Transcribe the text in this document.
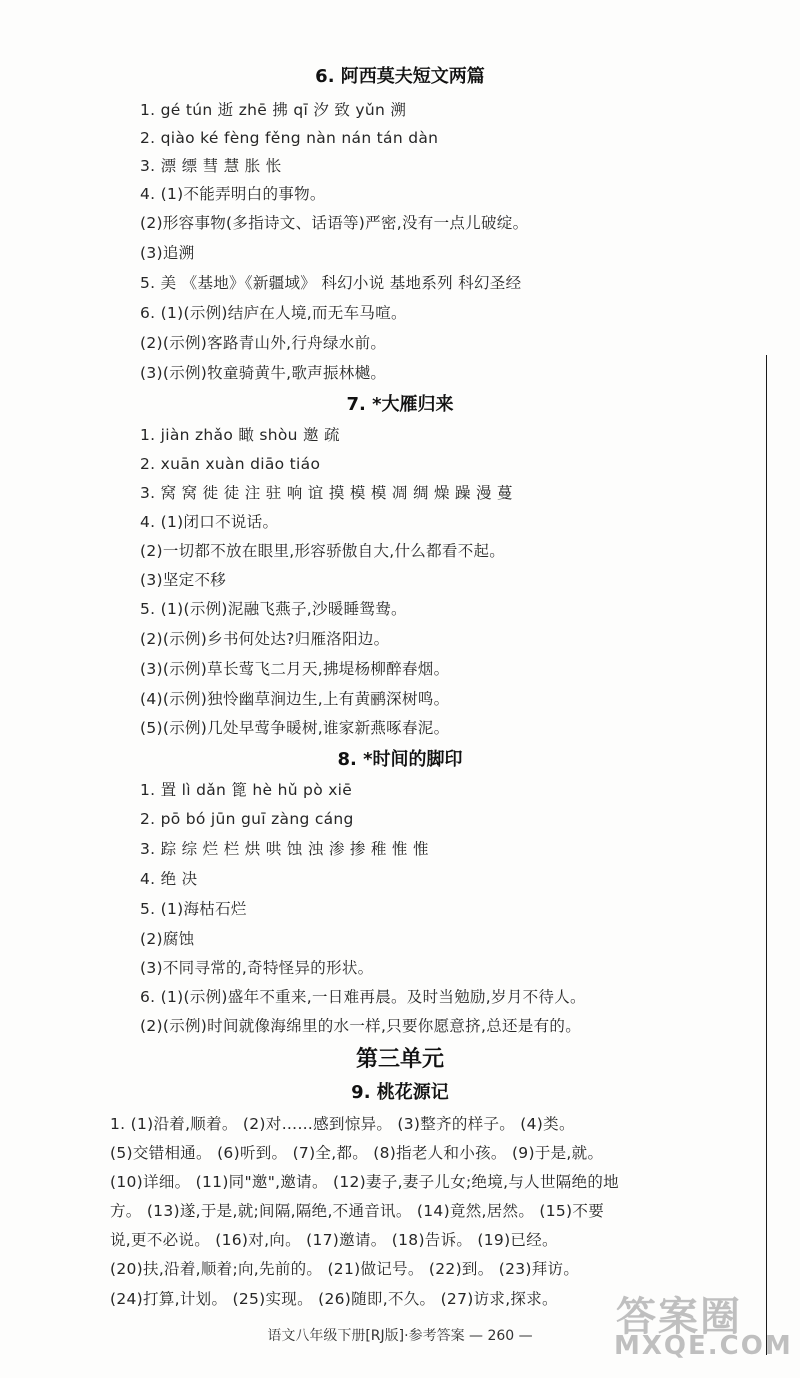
6. 阿西莫夫短文两篇
1. gé tún 逝 zhē 拂 qī 汐 致 yǔn 溯
2. qiào ké fèng fěng nàn nán tán dàn
3. 漂 缥 彗 慧 胀 怅
4. (1)不能弄明白的事物。
(2)形容事物(多指诗文、话语等)严密,没有一点儿破绽。
(3)追溯
5. 美 《基地》《新疆域》 科幻小说 基地系列 科幻圣经
6. (1)(示例)结庐在人境,而无车马喧。
(2)(示例)客路青山外,行舟绿水前。
(3)(示例)牧童骑黄牛,歌声振林樾。
7. *大雁归来
1. jiàn zhǎo 瞰 shòu 邀 疏
2. xuān xuàn diāo tiáo
3. 窝 窝 徙 徒 注 驻 响 谊 摸 模 模 凋 绸 燥 躁 漫 蔓
4. (1)闭口不说话。
(2)一切都不放在眼里,形容骄傲自大,什么都看不起。
(3)坚定不移
5. (1)(示例)泥融飞燕子,沙暖睡鸳鸯。
(2)(示例)乡书何处达?归雁洛阳边。
(3)(示例)草长莺飞二月天,拂堤杨柳醉春烟。
(4)(示例)独怜幽草涧边生,上有黄鹂深树鸣。
(5)(示例)几处早莺争暖树,谁家新燕啄春泥。
8. *时间的脚印
1. 置 lì dǎn 篦 hè hǔ pò xiē
2. pō bó jūn guī zàng cáng
3. 踪 综 烂 栏 烘 哄 蚀 浊 渗 掺 稚 惟 惟
4. 绝 决
5. (1)海枯石烂
(2)腐蚀
(3)不同寻常的,奇特怪异的形状。
6. (1)(示例)盛年不重来,一日难再晨。及时当勉励,岁月不待人。
(2)(示例)时间就像海绵里的水一样,只要你愿意挤,总还是有的。
第三单元
9. 桃花源记
1. (1)沿着,顺着。 (2)对……感到惊异。 (3)整齐的样子。 (4)类。
(5)交错相通。 (6)听到。 (7)全,都。 (8)指老人和小孩。 (9)于是,就。
(10)详细。 (11)同"邀",邀请。 (12)妻子,妻子儿女;绝境,与人世隔绝的地
方。 (13)遂,于是,就;间隔,隔绝,不通音讯。 (14)竟然,居然。 (15)不要
说,更不必说。 (16)对,向。 (17)邀请。 (18)告诉。 (19)已经。
(20)扶,沿着,顺着;向,先前的。 (21)做记号。 (22)到。 (23)拜访。
(24)打算,计划。 (25)实现。 (26)随即,不久。 (27)访求,探求。
语文八年级下册[RJ版]·参考答案 — 260 —	答案圈
MXQE.COM
